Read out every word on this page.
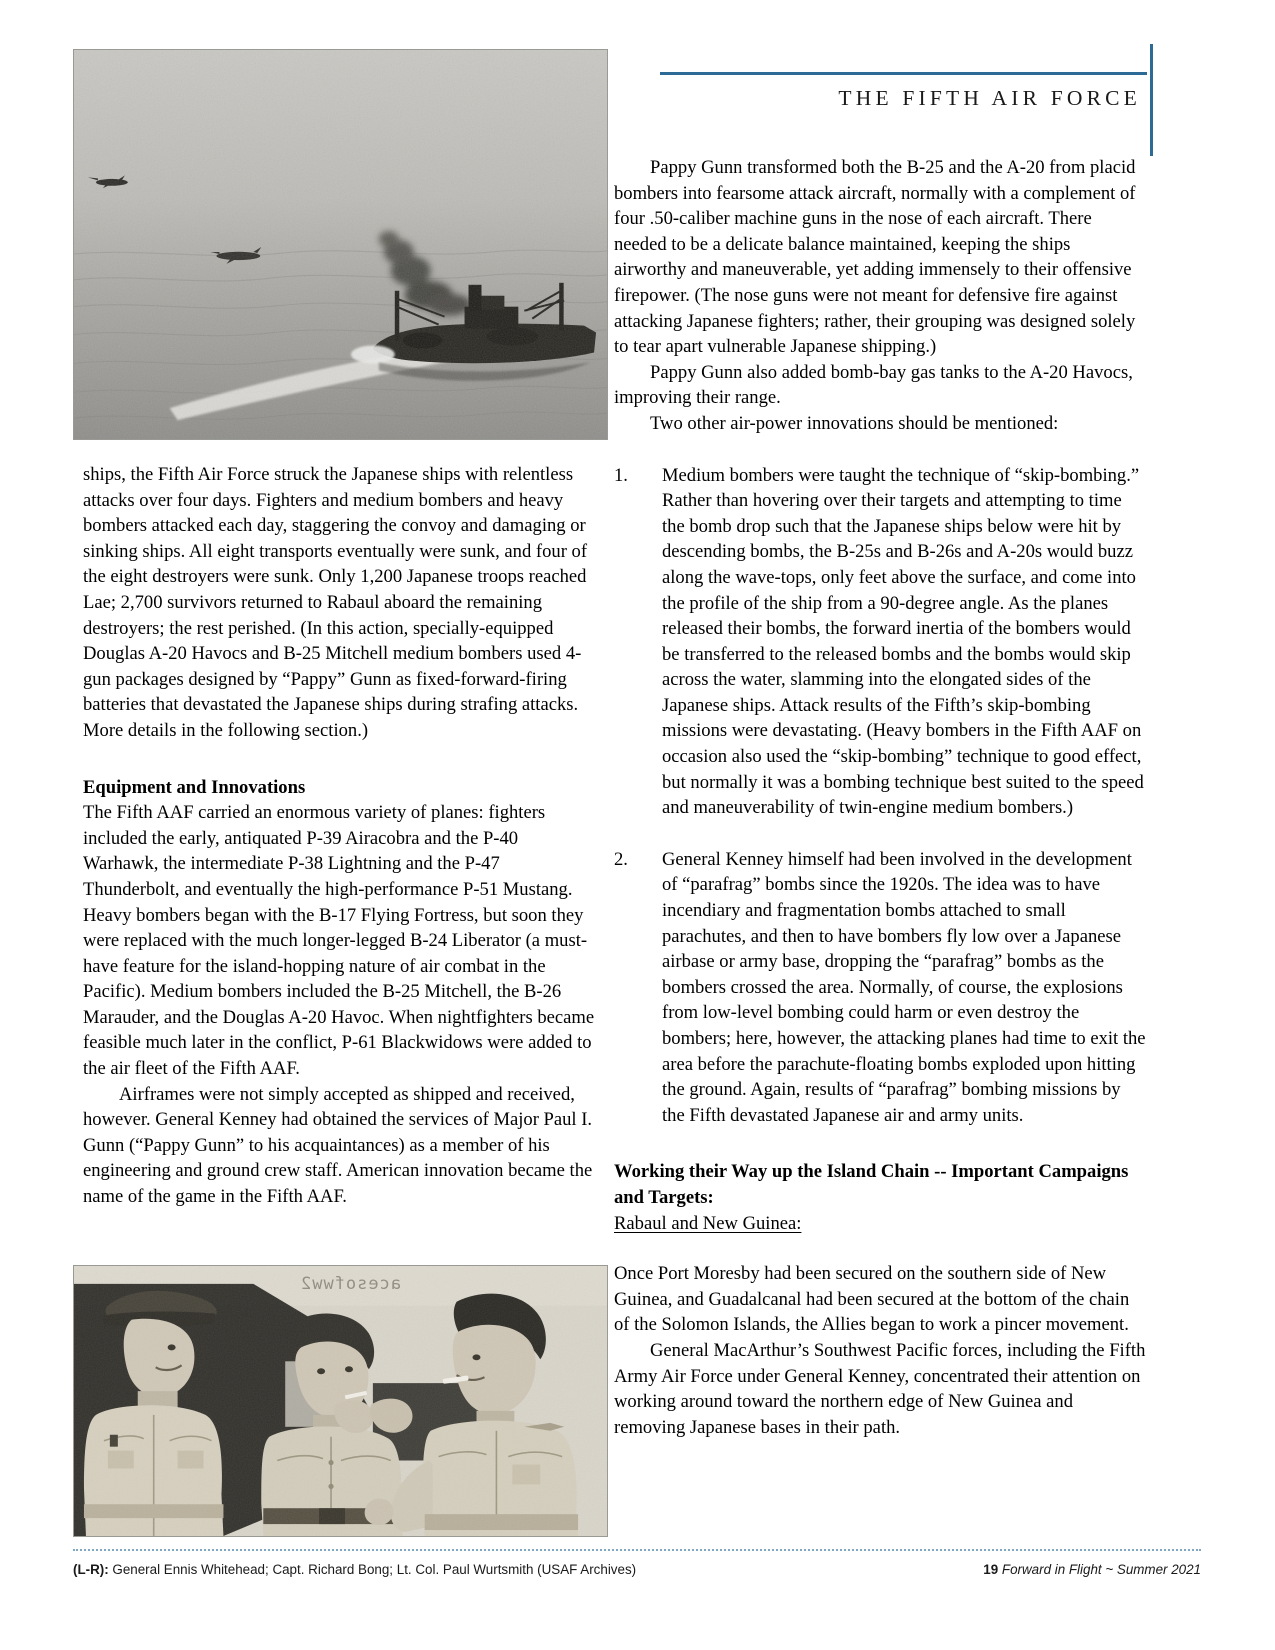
THE FIFTH AIR FORCE

ships, the Fifth Air Force struck the Japanese ships with relentless attacks over four days. Fighters and medium bombers and heavy bombers attacked each day, staggering the convoy and damaging or sinking ships. All eight transports eventually were sunk, and four of the eight destroyers were sunk. Only 1,200 Japanese troops reached Lae; 2,700 survivors returned to Rabaul aboard the remaining destroyers; the rest perished. (In this action, specially-equipped Douglas A-20 Havocs and B-25 Mitchell medium bombers used 4-gun packages designed by “Pappy” Gunn as fixed-forward-firing batteries that devastated the Japanese ships during strafing attacks. More details in the following section.)

Equipment and Innovations

The Fifth AAF carried an enormous variety of planes: fighters included the early, antiquated P-39 Airacobra and the P-40 Warhawk, the intermediate P-38 Lightning and the P-47 Thunderbolt, and eventually the high-performance P-51 Mustang. Heavy bombers began with the B-17 Flying Fortress, but soon they were replaced with the much longer-legged B-24 Liberator (a must-have feature for the island-hopping nature of air combat in the Pacific). Medium bombers included the B-25 Mitchell, the B-26 Marauder, and the Douglas A-20 Havoc. When nightfighters became feasible much later in the conflict, P-61 Blackwidows were added to the air fleet of the Fifth AAF.

Airframes were not simply accepted as shipped and received, however. General Kenney had obtained the services of Major Paul I. Gunn (“Pappy Gunn” to his acquaintances) as a member of his engineering and ground crew staff. American innovation became the name of the game in the Fifth AAF.

Pappy Gunn transformed both the B-25 and the A-20 from placid bombers into fearsome attack aircraft, normally with a complement of four .50-caliber machine guns in the nose of each aircraft. There needed to be a delicate balance maintained, keeping the ships airworthy and maneuverable, yet adding immensely to their offensive firepower. (The nose guns were not meant for defensive fire against attacking Japanese fighters; rather, their grouping was designed solely to tear apart vulnerable Japanese shipping.)

Pappy Gunn also added bomb-bay gas tanks to the A-20 Havocs, improving their range.

Two other air-power innovations should be mentioned:

1.	Medium bombers were taught the technique of “skip-bombing.” Rather than hovering over their targets and attempting to time the bomb drop such that the Japanese ships below were hit by descending bombs, the B-25s and B-26s and A-20s would buzz along the wave-tops, only feet above the surface, and come into the profile of the ship from a 90-degree angle. As the planes released their bombs, the forward inertia of the bombers would be transferred to the released bombs and the bombs would skip across the water, slamming into the elongated sides of the Japanese ships. Attack results of the Fifth’s skip-bombing missions were devastating. (Heavy bombers in the Fifth AAF on occasion also used the “skip-bombing” technique to good effect, but normally it was a bombing technique best suited to the speed and maneuverability of twin-engine medium bombers.)
2.	General Kenney himself had been involved in the development of “parafrag” bombs since the 1920s. The idea was to have incendiary and fragmentation bombs attached to small parachutes, and then to have bombers fly low over a Japanese airbase or army base, dropping the “parafrag” bombs as the bombers crossed the area. Normally, of course, the explosions from low-level bombing could harm or even destroy the bombers; here, however, the attacking planes had time to exit the area before the parachute-floating bombs exploded upon hitting the ground. Again, results of “parafrag” bombing missions by the Fifth devastated Japanese air and army units.
Working their Way up the Island Chain -- Important Campaigns and Targets:

Rabaul and New Guinea:

Once Port Moresby had been secured on the southern side of New Guinea, and Guadalcanal had been secured at the bottom of the chain of the Solomon Islands, the Allies began to work a pincer movement.

General MacArthur’s Southwest Pacific forces, including the Fifth Army Air Force under General Kenney, concentrated their attention on working around toward the northern edge of New Guinea and removing Japanese bases in their path.

acesofww2
(L-R): General Ennis Whitehead; Capt. Richard Bong; Lt. Col. Paul Wurtsmith (USAF Archives)	19 Forward in Flight ~ Summer 2021
